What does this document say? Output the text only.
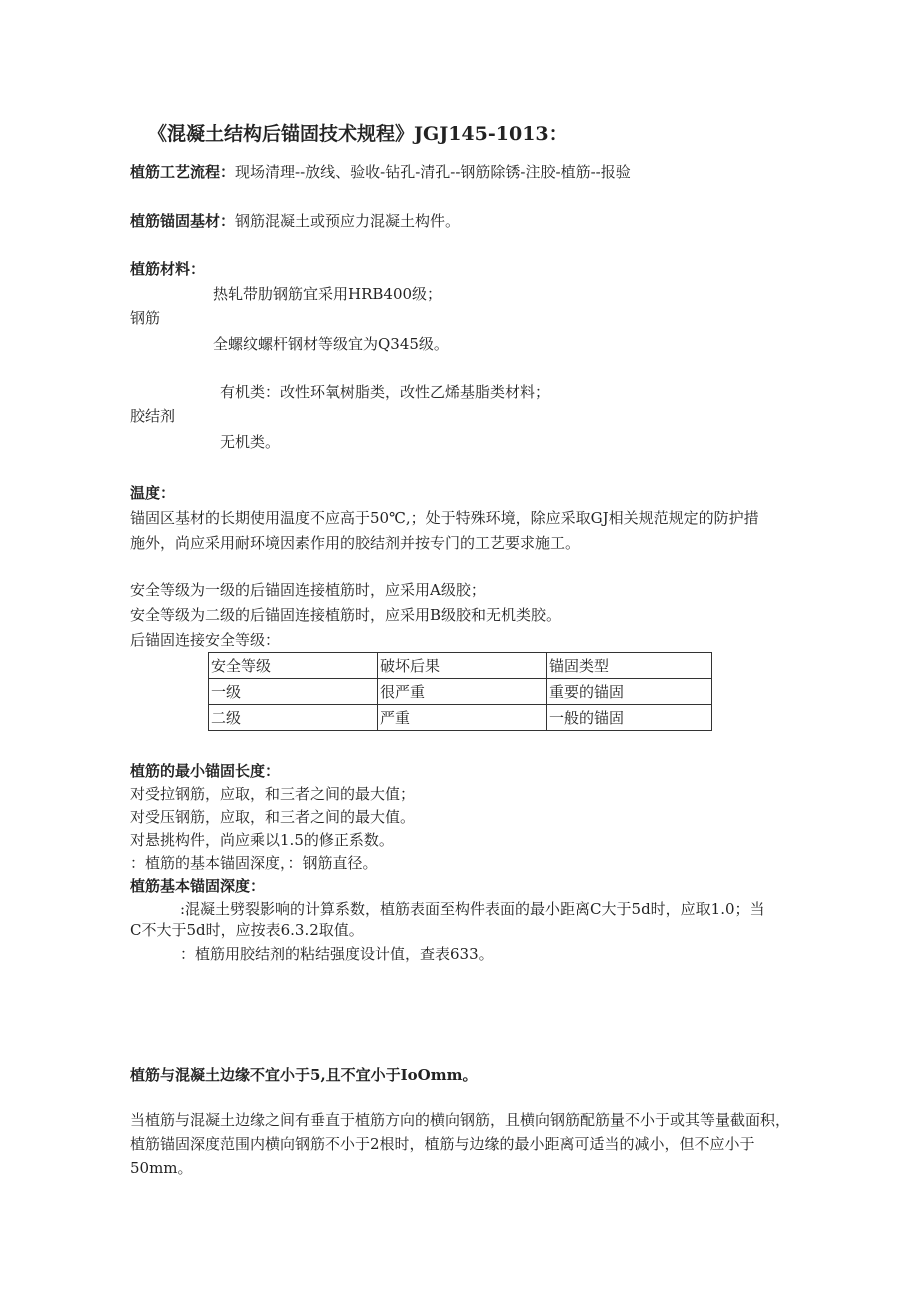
《混凝土结构后锚固技术规程》JGJ145-1013：
植筋工艺流程：现场清理--放线、验收-钻孔-清孔--钢筋除锈-注胶-植筋--报验
植筋锚固基材：钢筋混凝土或预应力混凝土构件。
植筋材料：
热轧带肋钢筋宜采用HRB400级；
钢筋
全螺纹螺杆钢材等级宜为Q345级。
有机类：改性环氧树脂类，改性乙烯基脂类材料；
胶结剂
无机类。
温度：
锚固区基材的长期使用温度不应高于50℃,；处于特殊环境，除应采取GJ相关规范规定的防护措
施外，尚应采用耐环境因素作用的胶结剂并按专门的工艺要求施工。
安全等级为一级的后锚固连接植筋时，应采用A级胶；
安全等级为二级的后锚固连接植筋时，应采用B级胶和无机类胶。
后锚固连接安全等级：
安全等级	破坏后果	锚固类型
一级	很严重	重要的锚固
二级	严重	一般的锚固
植筋的最小锚固长度：
对受拉钢筋，应取，和三者之间的最大值；
对受压钢筋，应取，和三者之间的最大值。
对悬挑构件，尚应乘以1.5的修正系数。
：植筋的基本锚固深度，：钢筋直径。
植筋基本锚固深度：
:混凝土劈裂影响的计算系数，植筋表面至构件表面的最小距离C大于5d时，应取1.0；当
C不大于5d时，应按表6.3.2取值。
：植筋用胶结剂的粘结强度设计值，查表633。
植筋与混凝土边缘不宜小于5,且不宜小于IoOmm。
当植筋与混凝土边缘之间有垂直于植筋方向的横向钢筋，且横向钢筋配筋量不小于或其等量截面积，
植筋锚固深度范围内横向钢筋不小于2根时，植筋与边缘的最小距离可适当的减小，但不应小于
50mm。
